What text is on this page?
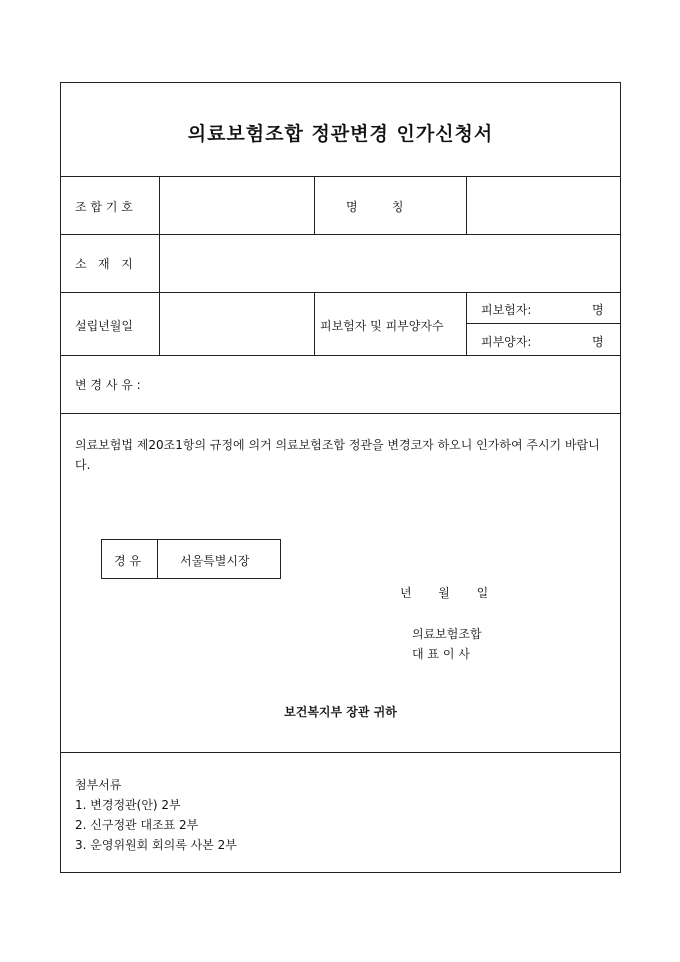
의료보험조합 정관변경 인가신청서
조 합 기 호	명         칭
소   재   지
설립년월일	피보험자 및 피부양자수
피보험자:	명
피부양자:	명
변 경 사 유 :
의료보험법 제20조1항의 규정에 의거 의료보험조합 정관을 변경코자 하오니 인가하여 주시기 바랍니다.
경 유	서울특별시장
년       월       일
의료보험조합
대 표 이 사
보건복지부 장관 귀하
첨부서류
1. 변경정관(안) 2부
2. 신구정관 대조표 2부
3. 운영위원회 회의록 사본 2부
